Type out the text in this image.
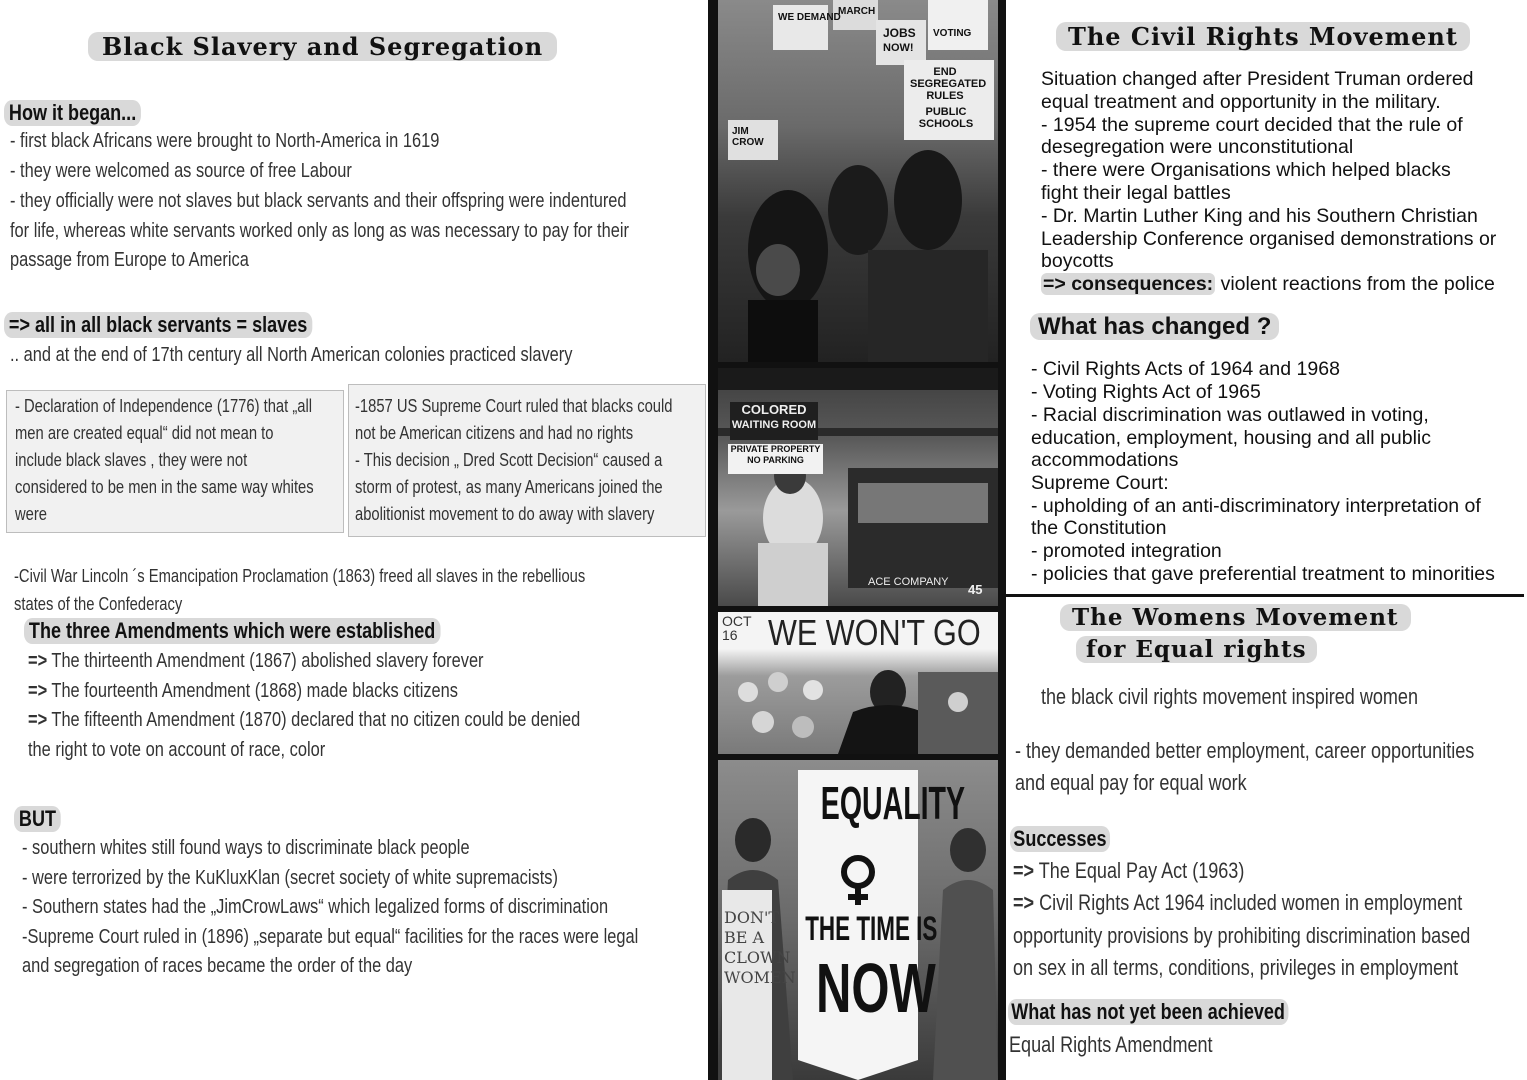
Black Slavery and Segregation
How it began...
- first black Africans were brought to North-America in 1619
- they were welcomed as source of free Labour
- they officially were not slaves but black servants and their offspring were indentured
for life, whereas white servants worked only as long as was necessary to pay for their
passage from Europe to America
=> all in all black servants = slaves
.. and at the end of 17th century all North American colonies practiced slavery
- Declaration of Independence (1776) that „all
men are created equal“ did not mean to
include black slaves , they were not
considered to be men in the same way whites
were
-1857 US Supreme Court ruled that blacks could
not be American citizens and had no rights
- This decision „ Dred Scott Decision“ caused a
storm of protest, as many Americans joined the
abolitionist movement to do away with slavery
-Civil War Lincoln ´s Emancipation Proclamation (1863) freed all slaves in the rebellious
states of the Confederacy
The three Amendments which were established
=> The thirteenth Amendment (1867) abolished slavery forever
=> The fourteenth Amendment (1868) made blacks citizens
=> The fifteenth Amendment (1870) declared that no citizen could be denied
the right to vote on account of race, color
BUT
- southern whites still found ways to discriminate black people
- were terrorized by the KuKluxKlan (secret society of white supremacists)
- Southern states had the „JimCrowLaws“ which legalized forms of discrimination
-Supreme Court ruled in (1896) „separate but equal“ facilities for the races were legal
and segregation of races became the order of the day
WE DEMAND
MARCH
JOBS
NOW!
END SEGREGATED RULES
PUBLIC SCHOOLS
JIM CROW
VOTING
COLORED
WAITING ROOM
PRIVATE PROPERTY
NO PARKING
ACE COMPANY 45
WE WON'T GO
OCT 16
EQUALITY
THE TIME IS
NOW
DON'T BE A CLOWN WOMEN
The Civil Rights Movement
Situation changed after President Truman ordered
equal treatment and opportunity in the military.
- 1954 the supreme court decided that the rule of
desegregation were unconstitutional
- there were Organisations which helped blacks
fight their legal battles
- Dr. Martin Luther King and his Southern Christian
Leadership Conference organised demonstrations or
boycotts
=> consequences: violent reactions from the police
What has changed ?
- Civil Rights Acts of 1964 and 1968
- Voting Rights Act of 1965
- Racial discrimination was outlawed in voting,
education, employment, housing and all public
accommodations
Supreme Court:
- upholding of an anti-discriminatory interpretation of
the Constitution
- promoted integration
- policies that gave preferential treatment to minorities
The Womens Movement
for Equal rights
the black civil rights movement inspired women
- they demanded better employment, career opportunities
and equal pay for equal work
Successes
=> The Equal Pay Act (1963)
=> Civil Rights Act 1964 included women in employment
opportunity provisions by prohibiting discrimination based
on sex in all terms, conditions, privileges in employment
What has not yet been achieved
Equal Rights Amendment
